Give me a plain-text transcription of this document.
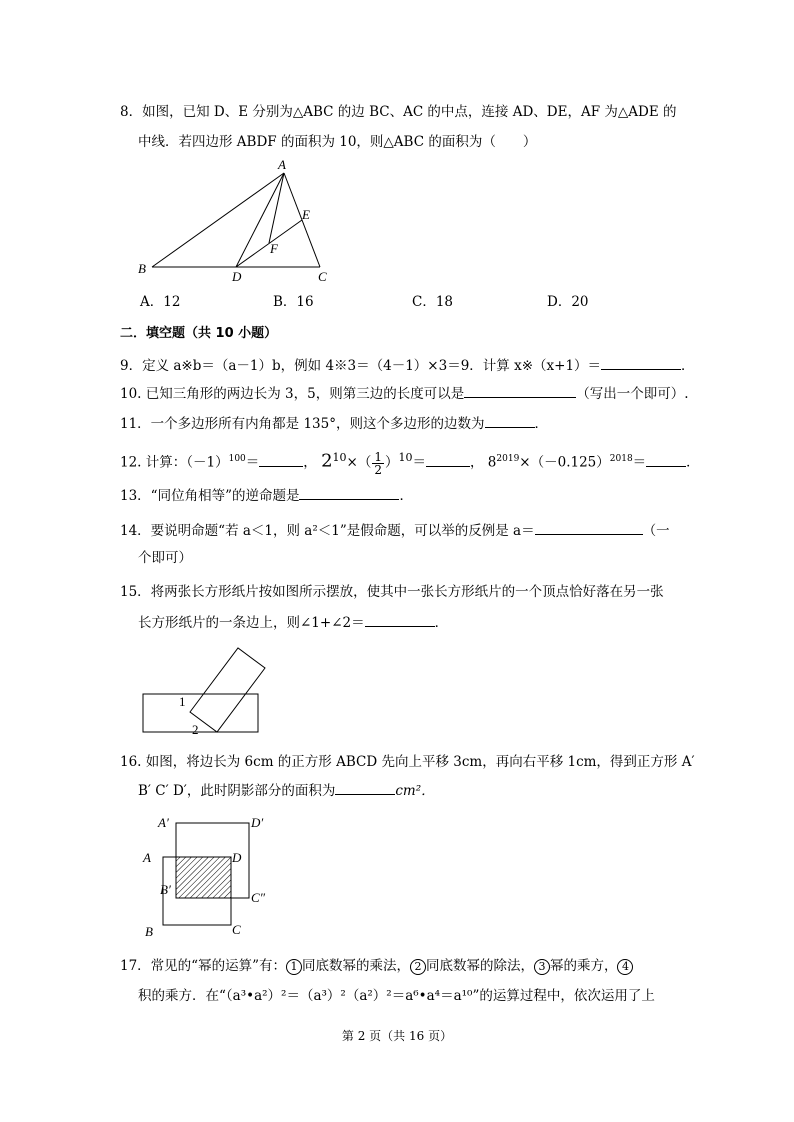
8．如图，已知 D、E 分别为△ABC 的边 BC、AC 的中点，连接 AD、DE，AF 为△ADE 的
中线．若四边形 ABDF 的面积为 10，则△ABC 的面积为（　　）
A
B
C
D
E
F
A．12	B．16	C．18	D．20
二．填空题（共 10 小题）
9．定义 a※b＝（a－1）b，例如 4※3＝（4－1）×3＝9．计算 x※（x+1）＝	．
10. 已知三角形的两边长为 3，5，则第三边的长度可以是	（写出一个即可）.
11．一个多边形所有内角都是 135°，则这个多边形的边数为	．
12. 计算：$(-1)^{100}=$	， $2^{10}\times( \frac{1}{2} )^{10}=$	， $8^{2019}\times(-0.125)^{2018}=$	．
13．“同位角相等”的逆命题是	．
14．要说明命题“若 a＜1，则 a²＜1”是假命题，可以举的反例是 a＝	（一
个即可）
15．将两张长方形纸片按如图所示摆放，使其中一张长方形纸片的一个顶点恰好落在另一张
长方形纸片的一条边上，则∠1+∠2＝	．
1
2
16. 如图，将边长为 6cm 的正方形 ABCD 先向上平移 3cm，再向右平移 1cm，得到正方形 A′
B′ C′ D′，此时阴影部分的面积为	cm²．
A′	D′
A	D
B′
C″
B	C
17．常见的“幂的运算”有： 1 同底数幂的乘法， 2 同底数幂的除法， 3 幂的乘方， 4
积的乘方．在“（a³•a²）²＝（a³）²（a²）²＝a⁶•a⁴＝a¹⁰”的运算过程中，依次运用了上
第 2 页（共 16 页）
